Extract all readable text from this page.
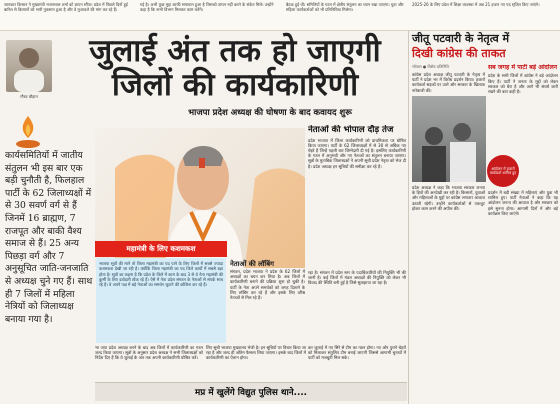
जानकार किसान ने मुख्यमंत्री भजनलाल शर्मा को ज्ञापन सौंपा। प्रदेश में पिछले दिनों हुई बारिश से किसानों को भारी नुकसान हुआ है और वे मुआवजे की मांग कर रहे हैं।
गई है। अभी कुछ मुद्दा काफी समाधान हुआ है जिसको ज्ञापन नहीं करने के संकेत मिले। उन्होंने कहा है कि सभी विभाग मिलकर काम करेंगे।
बैठक हुई थी। समितियों के गठन में क्षेत्रीय संतुलन का ध्यान रखा जाएगा। युवा और महिला कार्यकर्ताओं को भी प्रतिनिधित्व मिलेगा।
2025-26 के लिए प्रदेश में शिक्षा व्यवस्था में अब 21 हजार नए पद सृजित किए जाएंगे।
गौरव चौहान
जुलाई अंत तक हो जाएगी
जिलों की कार्यकारिणी
भाजपा प्रदेश अध्यक्ष की घोषणा के बाद कवायद शुरू
कार्यसमितियों में जातीय संतुलन भी इस बार एक बड़ी चुनौती है, फिलहाल पार्टी के 62 जिलाध्यक्षों में से 30 सवर्ण वर्ग से हैं जिनमें 16 ब्राह्मण, 7 राजपूत और बाकी वैश्य समाज से हैं। 25 अन्य पिछड़ा वर्ग और 7 अनुसूचित जाति-जनजाति से अध्यक्ष चुने गए हैं। साथ ही 7 जिलों में महिला नेत्रियों को जिलाध्यक्ष बनाया गया है।
महामंत्री के लिए कशमकश
भाजपा सूत्रों की माने तो जिला महामंत्री का पद पाने के लिए जिलों में सबसे ज्यादा कशमकश देखी जा रही है। क्योंकि जिला महामंत्री का पद जिले कार्यों में सबसे बड़ा होता है। सूत्रों का कहना है कि प्रदेश के जिले में काम के बाद 3 से 4 नेता महामंत्री की कुर्सी के लिए दावेदारी ठोक रहे हैं। ऐसे में नेता प्रदेश संगठन के नेताओं से संपर्क साध रहे हैं। वे अपने पक्ष में बड़े नेताओं का समर्थन जुटाने की कोशिश कर रहे हैं।
नेताओं की लॉबिंग
संगठन, प्रदेश भाजपा ने प्रदेश के 62 जिलों में अध्यक्षों का चयन कर लिया है। अब जिलों में कार्यकारिणी बनाने की प्रक्रिया शुरू हो चुकी है। पार्टी के नेता अपने समर्थकों को जगह दिलाने के लिए लॉबिंग कर रहे हैं और इसके लिए वरिष्ठ नेताओं से मिल रहे हैं।
नेताओं की भोपाल दौड़ तेज
प्रदेश भाजपा में जिला कार्यकारिणी को प्राथमिकता पर घोषित किया जाएगा। पार्टी के 62 जिलाध्यक्षों में से 30 से अधिक नए चेहरे हैं जिन्हें पहली बार जिम्मेदारी दी गई है। इसलिए कार्यकारिणी के गठन में अनुभवी और नए नेताओं का संतुलन बनाया जाएगा। सूत्रों के मुताबिक जिलाध्यक्षों ने अपनी सूची प्रदेश नेतृत्व को भेज दी है। प्रदेश अध्यक्ष इन सूचियों की समीक्षा कर रहे हैं।
रहा है। संगठन में प्रदेश स्तर के पदाधिकारियों की नियुक्ति भी की जानी है। कई जिलों में मंडल अध्यक्षों की नियुक्ति को लेकर भी विवाद की स्थिति बनी हुई है जिसे सुलझाया जा रहा है।
भा जपा प्रदेश अध्यक्ष बनने के बाद अब जिलों में कार्यकारिणी का गठन जल्द किया जाएगा। सूत्रों के अनुसार प्रदेश अध्यक्ष ने सभी जिलाध्यक्षों को निर्देश दिए हैं कि वे जुलाई के अंत तक अपनी कार्यकारिणी घोषित करें।
लिए सूची भाजपा मुख्यालय भेजी है। इन सूचियों पर विचार किया जा रहा है और जल्द ही अंतिम फैसला लिया जाएगा। इसके बाद जिलों में कार्यकारिणी का ऐलान होगा।
कर जुलाई में नए सिरे से टीम का गठन होगा। नए और पुराने चेहरों को मिलाकर संतुलित टीम बनाई जाएगी जिससे आगामी चुनावों में पार्टी को मजबूती मिल सके।
मप्र में खुलेंगे विद्युत पुलिस थाने....
जीतू पटवारी के नेतृत्व में
दिखी कांग्रेस की ताकत
भोपाल ● विशेष प्रतिनिधि
कांग्रेस प्रदेश अध्यक्ष जीतू पटवारी के नेतृत्व में पार्टी ने प्रदेश भर में विरोध प्रदर्शन किया। हजारों कार्यकर्ता सड़कों पर उतरे और सरकार के खिलाफ नारेबाजी की।
सब जगह में पार्टी बड़े आंदोलन
प्रदेश के सभी जिलों में कांग्रेस ने बड़े आंदोलन किए हैं। पार्टी ने जनता के मुद्दों को लेकर सरकार को घेरा है और आगे भी संघर्ष जारी रखने की बात कही है।
आंदोलन में हजारों कार्यकर्ता शामिल हुए
प्रदेश अध्यक्ष ने कहा कि भाजपा सरकार जनता के हितों की अनदेखी कर रही है। किसानों, युवाओं और महिलाओं के मुद्दों पर कांग्रेस लगातार आवाज उठाती रहेगी। उन्होंने कार्यकर्ताओं से एकजुट होकर काम करने की अपील की।
प्रदर्शन में बड़ी संख्या में महिलाएं और युवा भी शामिल हुए। पार्टी नेताओं ने कहा कि यह आंदोलन जनता की आवाज है और सरकार को इसे सुनना होगा। आगामी दिनों में और बड़े कार्यक्रम किए जाएंगे।
